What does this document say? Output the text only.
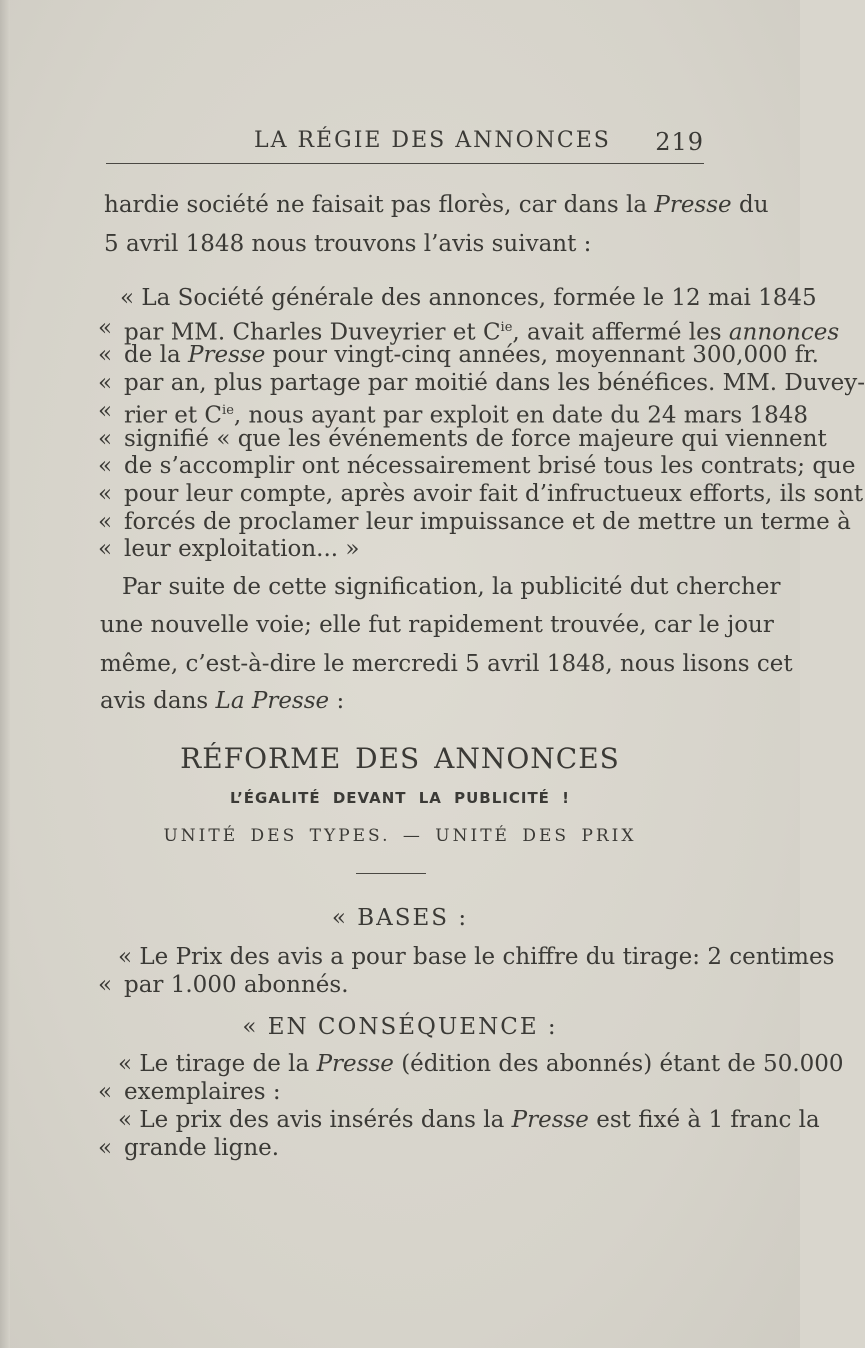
LA RÉGIE DES ANNONCES 219
hardie société ne faisait pas florès, car dans la Presse du
5 avril 1848 nous trouvons l’avis suivant :
« La Société générale des annonces, formée le 12 mai 1845
« par MM. Charles Duveyrier et $C^{ie}$, avait affermé les annonces
« de la Presse pour vingt-cinq années, moyennant 300,000 fr.
« par an, plus partage par moitié dans les bénéfices. MM. Duvey-
« rier et $C^{ie}$, nous ayant par exploit en date du 24 mars 1848
« signifié « que les événements de force majeure qui viennent
« de s’accomplir ont nécessairement brisé tous les contrats; que
« pour leur compte, après avoir fait d’infructueux efforts, ils sont
« forcés de proclamer leur impuissance et de mettre un terme à
« leur exploitation... »
Par suite de cette signification, la publicité dut chercher
une nouvelle voie; elle fut rapidement trouvée, car le jour
même, c’est-à-dire le mercredi 5 avril 1848, nous lisons cet
avis dans La Presse :
RÉFORME DES ANNONCES
L’ÉGALITÉ DEVANT LA PUBLICITÉ !
UNITÉ DES TYPES. — UNITÉ DES PRIX
« BASES :
« Le Prix des avis a pour base le chiffre du tirage: 2 centimes
« par 1.000 abonnés.
« EN CONSÉQUENCE :
« Le tirage de la Presse (édition des abonnés) étant de 50.000
« exemplaires :
« Le prix des avis insérés dans la Presse est fixé à 1 franc la
« grande ligne.
